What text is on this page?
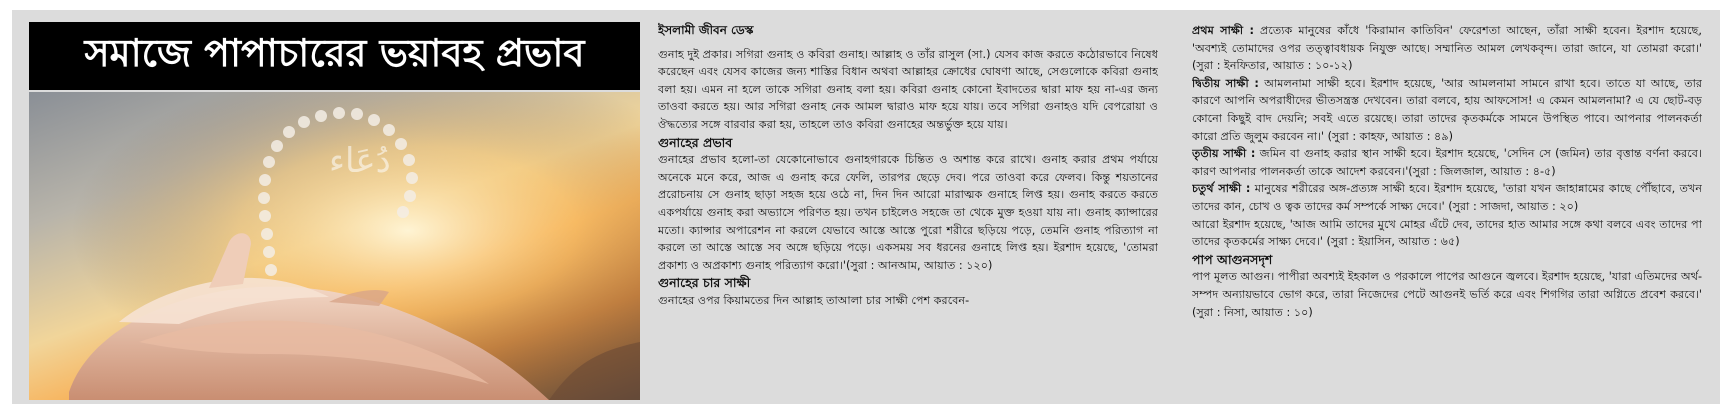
সমাজে পাপাচারের ভয়াবহ প্রভাব
دُعَاء

ইসলামী জীবন ডেস্ক

গুনাহ দুই প্রকার। সগিরা গুনাহ ও কবিরা গুনাহ। আল্লাহ ও তাঁর রাসুল (সা.) যেসব কাজ করতে কঠোরভাবে নিষেধ করেছেন এবং যেসব কাজের জন্য শাস্তির বিধান অথবা আল্লাহর ক্রোধের ঘোষণা আছে, সেগুলোকে কবিরা গুনাহ বলা হয়। এমন না হলে তাকে সগিরা গুনাহ বলা হয়। কবিরা গুনাহ কোনো ইবাদতের দ্বারা মাফ হয় না-এর জন্য তাওবা করতে হয়। আর সগিরা গুনাহ নেক আমল দ্বারাও মাফ হয়ে যায়। তবে সগিরা গুনাহও যদি বেপরোয়া ও ঔদ্ধত্যের সঙ্গে বারবার করা হয়, তাহলে তাও কবিরা গুনাহের অন্তর্ভুক্ত হয়ে যায়।

গুনাহের প্রভাব

গুনাহের প্রভাব হলো-তা যেকোনোভাবে গুনাহগারকে চিন্তিত ও অশান্ত করে রাখে। গুনাহ করার প্রথম পর্যায়ে অনেকে মনে করে, আজ এ গুনাহ করে ফেলি, তারপর ছেড়ে দেব। পরে তাওবা করে ফেলব। কিন্তু শয়তানের প্ররোচনায় সে গুনাহ ছাড়া সহজ হয়ে ওঠে না, দিন দিন আরো মারাত্মক গুনাহে লিপ্ত হয়। গুনাহ করতে করতে একপর্যায়ে গুনাহ করা অভ্যাসে পরিণত হয়। তখন চাইলেও সহজে তা থেকে মুক্ত হওয়া যায় না। গুনাহ ক্যান্সারের মতো। ক্যান্সার অপারেশন না করলে যেভাবে আস্তে আস্তে পুরো শরীরে ছড়িয়ে পড়ে, তেমনি গুনাহ পরিত্যাগ না করলে তা আস্তে আস্তে সব অঙ্গে ছড়িয়ে পড়ে। একসময় সব ধরনের গুনাহে লিপ্ত হয়। ইরশাদ হয়েছে, 'তোমরা প্রকাশ্য ও অপ্রকাশ্য গুনাহ পরিত্যাগ করো।'(সুরা : আনআম, আয়াত : ১২০)

গুনাহের চার সাক্ষী

গুনাহের ওপর কিয়ামতের দিন আল্লাহ তাআলা চার সাক্ষী পেশ করবেন-

প্রথম সাক্ষী : প্রত্যেক মানুষের কাঁধে 'কিরামান কাতিবিন' ফেরেশতা আছেন, তাঁরা সাক্ষী হবেন। ইরশাদ হয়েছে, 'অবশ্যই তোমাদের ওপর তত্ত্বাবধায়ক নিযুক্ত আছে। সম্মানিত আমল লেখকবৃন্দ। তারা জানে, যা তোমরা করো।' (সুরা : ইনফিতার, আয়াত : ১০-১২)

দ্বিতীয় সাক্ষী : আমলনামা সাক্ষী হবে। ইরশাদ হয়েছে, 'আর আমলনামা সামনে রাখা হবে। তাতে যা আছে, তার কারণে আপনি অপরাধীদের ভীতসন্ত্রস্ত দেখবেন। তারা বলবে, হায় আফসোস! এ কেমন আমলনামা? এ যে ছোট-বড় কোনো কিছুই বাদ দেয়নি; সবই এতে রয়েছে। তারা তাদের কৃতকর্মকে সামনে উপস্থিত পাবে। আপনার পালনকর্তা কারো প্রতি জুলুম করবেন না।' (সুরা : কাহফ, আয়াত : ৪৯)

তৃতীয় সাক্ষী : জমিন বা গুনাহ করার স্থান সাক্ষী হবে। ইরশাদ হয়েছে, 'সেদিন সে (জমিন) তার বৃত্তান্ত বর্ণনা করবে। কারণ আপনার পালনকর্তা তাকে আদেশ করবেন।'(সুরা : জিলজাল, আয়াত : ৪-৫)

চতুর্থ সাক্ষী : মানুষের শরীরের অঙ্গ-প্রত্যঙ্গ সাক্ষী হবে। ইরশাদ হয়েছে, 'তারা যখন জাহান্নামের কাছে পৌঁছাবে, তখন তাদের কান, চোখ ও ত্বক তাদের কর্ম সম্পর্কে সাক্ষ্য দেবে।' (সুরা : সাজদা, আয়াত : ২০)

আরো ইরশাদ হয়েছে, 'আজ আমি তাদের মুখে মোহর এঁটে দেব, তাদের হাত আমার সঙ্গে কথা বলবে এবং তাদের পা তাদের কৃতকর্মের সাক্ষ্য দেবে।' (সুরা : ইয়াসিন, আয়াত : ৬৫)

পাপ আগুনসদৃশ

পাপ মূলত আগুন। পাপীরা অবশ্যই ইহকাল ও পরকালে পাপের আগুনে জ্বলবে। ইরশাদ হয়েছে, 'যারা এতিমদের অর্থ-সম্পদ অন্যায়ভাবে ভোগ করে, তারা নিজেদের পেটে আগুনই ভর্তি করে এবং শিগগির তারা অগ্নিতে প্রবেশ করবে।' (সুরা : নিসা, আয়াত : ১০)
